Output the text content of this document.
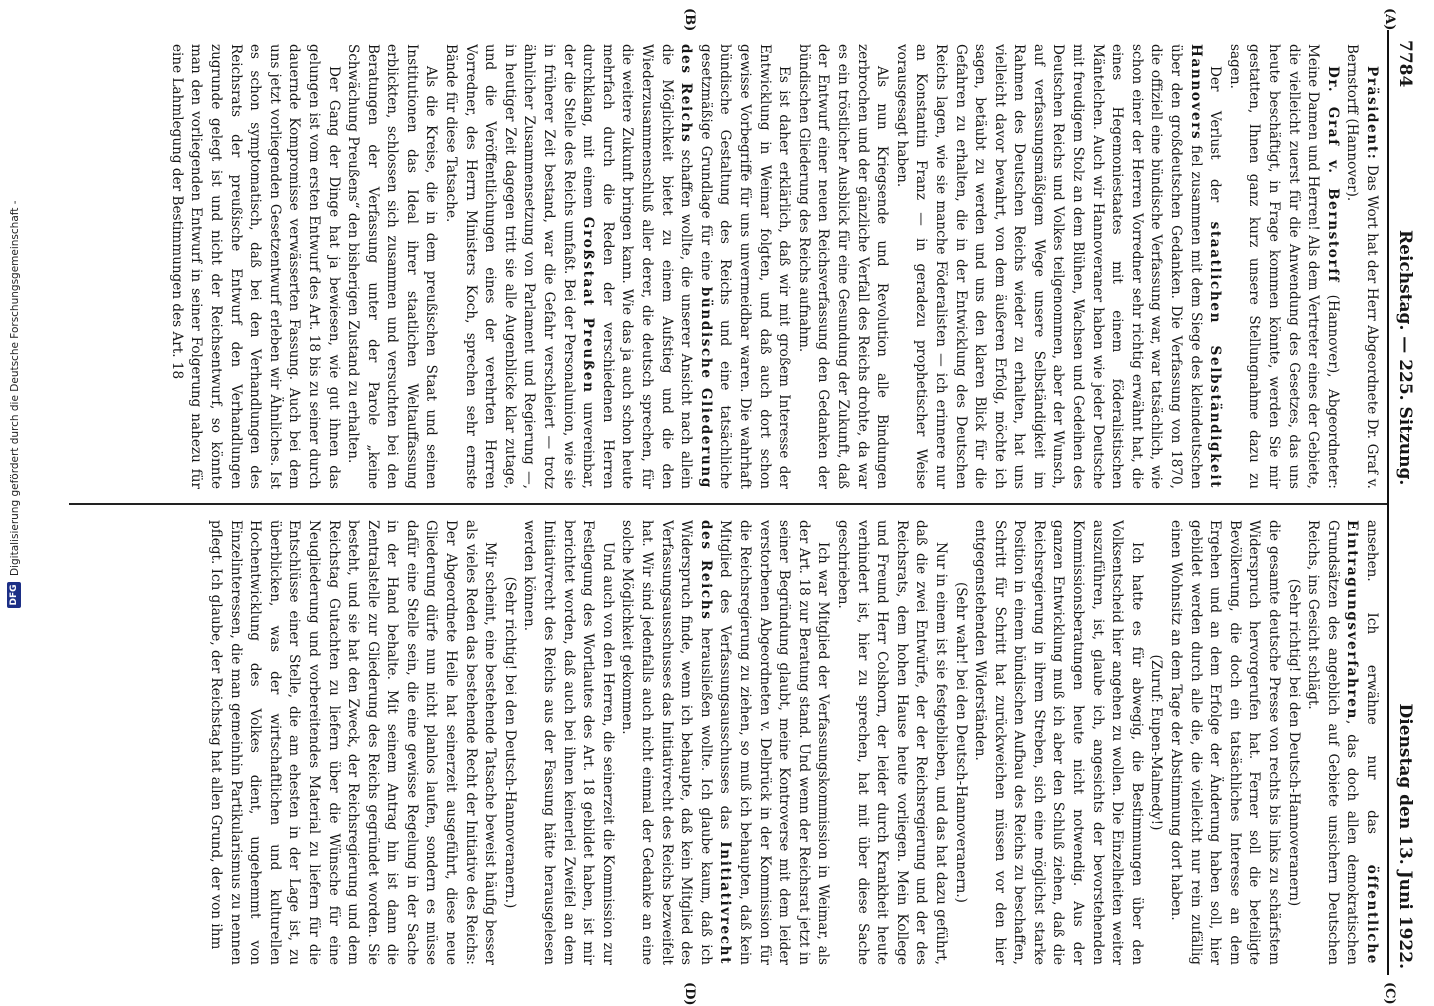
7784
Reichstag. — 225. Sitzung.
Dienstag den 13. Juni 1922.
(A)
(B)
(C)
(D)

Präsident: Das Wort hat der Herr Abgeordnete Dr. Graf v. Bernstorff (Hannover).

Dr. Graf v. Bernstorff (Hannover), Abgeordneter: Meine Damen und Herren! Als dem Vertreter eines der Gebiete, die vielleicht zuerst für die Anwendung des Gesetzes, das uns heute beschäftigt, in Frage kommen könnte, werden Sie mir gestatten, Ihnen ganz kurz unsere Stellungnahme dazu zu sagen.

Der Verlust der staatlichen Selbständigkeit Hannovers fiel zusammen mit dem Siege des kleindeutschen über den großdeutschen Gedanken. Die Verfassung von 1870, die offiziell eine bündische Verfassung war, war tatsächlich, wie schon einer der Herren Vorredner sehr richtig erwähnt hat, die eines Hegemoniestaates mit einem föderalistischen Mäntelchen. Auch wir Hannoveraner haben wie jeder Deutsche mit freudigem Stolz an dem Blühen, Wachsen und Gedeihen des Deutschen Reichs und Volkes teilgenommen, aber der Wunsch, auf verfassungsmäßigem Wege unsere Selbständigkeit im Rahmen des Deutschen Reichs wieder zu erhalten, hat uns vielleicht davor bewahrt, von dem äußeren Erfolg, möchte ich sagen, betäubt zu werden und uns den klaren Blick für die Gefahren zu erhalten, die in der Entwicklung des Deutschen Reichs lagen, wie sie manche Föderalisten — ich erinnere nur an Konstantin Franz — in geradezu prophetischer Weise vorausgesagt haben.

Als nun Kriegsende und Revolution alle Bindungen zerbrochen und der gänzliche Verfall des Reichs drohte, da war es ein tröstlicher Ausblick für eine Gesundung der Zukunft, daß der Entwurf einer neuen Reichsverfassung den Gedanken der bündischen Gliederung des Reichs aufnahm.

Es ist daher erklärlich, daß wir mit großem Interesse der Entwicklung in Weimar folgten, und daß auch dort schon gewisse Vorbegriffe für uns unvermeidbar waren. Die wahrhaft bündische Gestaltung des Reichs und eine tatsächliche gesetzmäßige Grundlage für eine bündische Gliederung des Reichs schaffen wollte, die unserer Ansicht nach allein die Möglichkeit bietet zu einem Aufstieg und die den Wiederzusammenschluß aller derer, die deutsch sprechen, für die weitere Zukunft bringen kann. Wie das ja auch schon heute mehrfach durch die Reden der verschiedenen Herren durchklang, mit einem Großstaat Preußen unvereinbar, der die Stelle des Reichs umfaßt. Bei der Personalunion, wie sie in früherer Zeit bestand, war die Gefahr verschleiert — trotz ähnlicher Zusammensetzung von Parlament und Regierung —, in heutiger Zeit dagegen tritt sie alle Augenblicke klar zutage, und die Veröffentlichungen eines der verehrten Herren Vorredner, des Herrn Ministers Koch, sprechen sehr ernste Bände für diese Tatsache.

Als die Kreise, die in dem preußischen Staat und seinen Institutionen das Ideal ihrer staatlichen Weltauffassung erblickten, schlossen sich zusammen und versuchten bei den Beratungen der Verfassung unter der Parole „keine Schwächung Preußens“ den bisherigen Zustand zu erhalten.

Der Gang der Dinge hat ja bewiesen, wie gut ihnen das gelungen ist vom ersten Entwurf des Art. 18 bis zu seiner durch dauernde Kompromisse verwässerten Fassung. Auch bei dem uns jetzt vorliegenden Gesetzentwurf erleben wir Ähnliches. Ist es schon symptomatisch, daß bei den Verhandlungen des Reichsrats der preußische Entwurf den Verhandlungen zugrunde gelegt ist und nicht der Reichsentwurf, so könnte man den vorliegenden Entwurf in seiner Folgerung nahezu für eine Lahmlegung der Bestimmungen des Art. 18

ansehen. Ich erwähne nur das öffentliche Eintragungsverfahren, das doch allen demokratischen Grundsätzen des angeblich auf Gebiete unsichern Deutschen Reichs, ins Gesicht schlägt.

(Sehr richtig! bei den Deutsch-Hannoveranern)

die gesamte deutsche Presse von rechts bis links zu schärfstem Widerspruch hervorgerufen hat. Ferner soll die beteiligte Bevölkerung, die doch ein tatsächliches Interesse an dem Ergehen und an dem Erfolge der Änderung haben soll, hier gebildet werden durch alle die, die vielleicht nur rein zufällig einen Wohnsitz an dem Tage der Abstimmung dort haben.

(Zuruf: Eupen-Malmedy!)

Ich hatte es für abwegig, die Bestimmungen über den Volksentscheid hier angehen zu wollen. Die Einzelheiten weiter auszuführen, ist, glaube ich, angesichts der bevorstehenden Kommissionsberatungen heute nicht notwendig. Aus der ganzen Entwicklung muß ich aber den Schluß ziehen, daß die Reichsregierung in ihrem Streben, sich eine möglichst starke Position in einem bündischen Aufbau des Reichs zu beschaffen, Schritt für Schritt hat zurückweichen müssen vor den hier entgegenstehenden Widerständen.

(Sehr wahr! bei den Deutsch-Hannoveranern.)

Nur in einem ist sie festgeblieben, und das hat dazu geführt, daß die zwei Entwürfe, der der Reichsregierung und der des Reichsrats, dem hohen Hause heute vorliegen. Mein Kollege und Freund Herr Colshorn, der leider durch Krankheit heute verhindert ist, hier zu sprechen, hat mit über diese Sache geschrieben.

Ich war Mitglied der Verfassungskommission in Weimar, als der Art. 18 zur Beratung stand. Und wenn der Reichsrat jetzt in seiner Begründung glaubt, meine Kontroverse mit dem leider verstorbenen Abgeordneten v. Delbrück in der Kommission für die Reichsregierung zu ziehen, so muß ich behaupten, daß kein Mitglied des Verfassungsausschusses das Initiativrecht des Reichs herausließen wollte. Ich glaube kaum, daß ich Widerspruch finde, wenn ich behaupte, daß kein Mitglied des Verfassungsausschusses das Initiativrecht des Reichs bezweifelt hat. Wir sind jedenfalls auch nicht einmal der Gedanke an eine solche Möglichkeit gekommen.

Und auch von den Herren, die seinerzeit die Kommission zur Festlegung des Wortlautes des Art. 18 gebildet haben, ist mir berichtet worden, daß auch bei ihnen keinerlei Zweifel an dem Initiativrecht des Reichs aus der Fassung hätte herausgelesen werden können.

(Sehr richtig! bei den Deutsch-Hannoveranern.)

Mir scheint, eine bestehende Tatsache beweist häufig besser als vieles Reden das bestehende Recht der Initiative des Reichs: Der Abgeordnete Heile hat seinerzeit ausgeführt, diese neue Gliederung dürfe nun nicht planlos laufen, sondern es müsse dafür eine Stelle sein, die eine gewisse Regelung in der Sache in der Hand behalte. Mit seinem Antrag hin ist dann die Zentralstelle zur Gliederung des Reichs gegründet worden. Sie besteht, und sie hat den Zweck, der Reichsregierung und dem Reichstag Gutachten zu liefern über die Wünsche für eine Neugliederung und vorbereitendes Material zu liefern für die Entschlüsse einer Stelle, die am ehesten in der Lage ist, zu überblicken, was der wirtschaftlichen und kulturellen Hochentwicklung des Volkes dient, ungehemmt von Einzelinteressen, die man gemeinhin Partikularismus zu nennen pflegt. Ich glaube, der Reichstag hat allen Grund, der von ihm

DFG
Digitalisierung gefördert durch die Deutsche Forschungsgemeinschaft -
